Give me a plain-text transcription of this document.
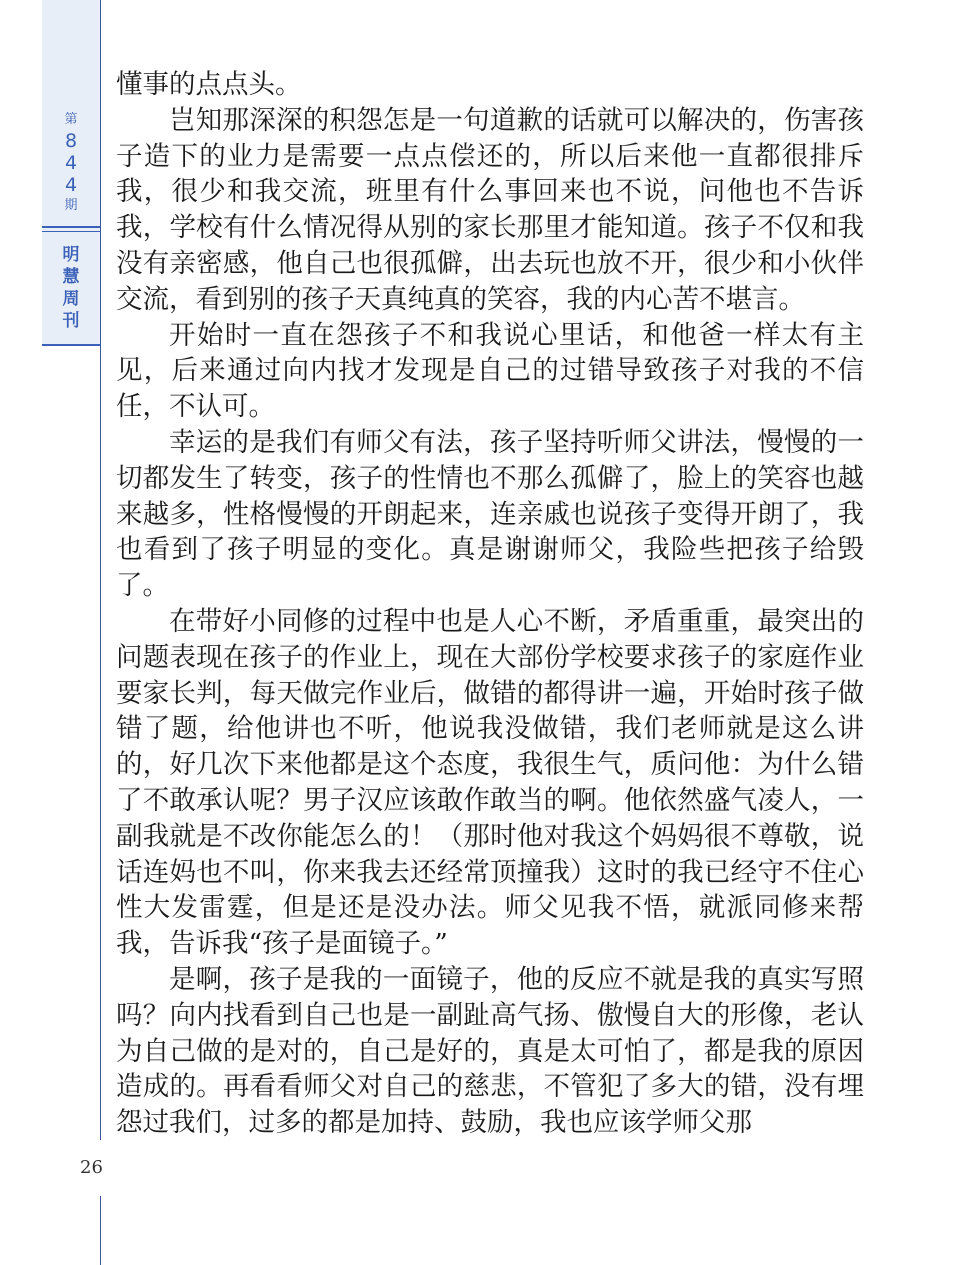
第
8
4
4
期
明
慧
周
刊
26

懂事的点点头。

岂知那深深的积怨怎是一句道歉的话就可以解决的，伤害孩子造下的业力是需要一点点偿还的，所以后来他一直都很排斥我，很少和我交流，班里有什么事回来也不说，问他也不告诉我，学校有什么情况得从别的家长那里才能知道。孩子不仅和我没有亲密感，他自己也很孤僻，出去玩也放不开，很少和小伙伴交流，看到别的孩子天真纯真的笑容，我的内心苦不堪言。

开始时一直在怨孩子不和我说心里话，和他爸一样太有主见，后来通过向内找才发现是自己的过错导致孩子对我的不信任，不认可。

幸运的是我们有师父有法，孩子坚持听师父讲法，慢慢的一切都发生了转变，孩子的性情也不那么孤僻了，脸上的笑容也越来越多，性格慢慢的开朗起来，连亲戚也说孩子变得开朗了，我也看到了孩子明显的变化。真是谢谢师父，我险些把孩子给毁了。

在带好小同修的过程中也是人心不断，矛盾重重，最突出的问题表现在孩子的作业上，现在大部份学校要求孩子的家庭作业要家长判，每天做完作业后，做错的都得讲一遍，开始时孩子做错了题，给他讲也不听，他说我没做错，我们老师就是这么讲的，好几次下来他都是这个态度，我很生气，质问他：为什么错了不敢承认呢？男子汉应该敢作敢当的啊。他依然盛气凌人，一副我就是不改你能怎么的！（那时他对我这个妈妈很不尊敬，说话连妈也不叫，你来我去还经常顶撞我）这时的我已经守不住心性大发雷霆，但是还是没办法。师父见我不悟，就派同修来帮我，告诉我“孩子是面镜子。”

是啊，孩子是我的一面镜子，他的反应不就是我的真实写照吗？向内找看到自己也是一副趾高气扬、傲慢自大的形像，老认为自己做的是对的，自己是好的，真是太可怕了，都是我的原因造成的。再看看师父对自己的慈悲，不管犯了多大的错，没有埋怨过我们，过多的都是加持、鼓励，我也应该学师父那
